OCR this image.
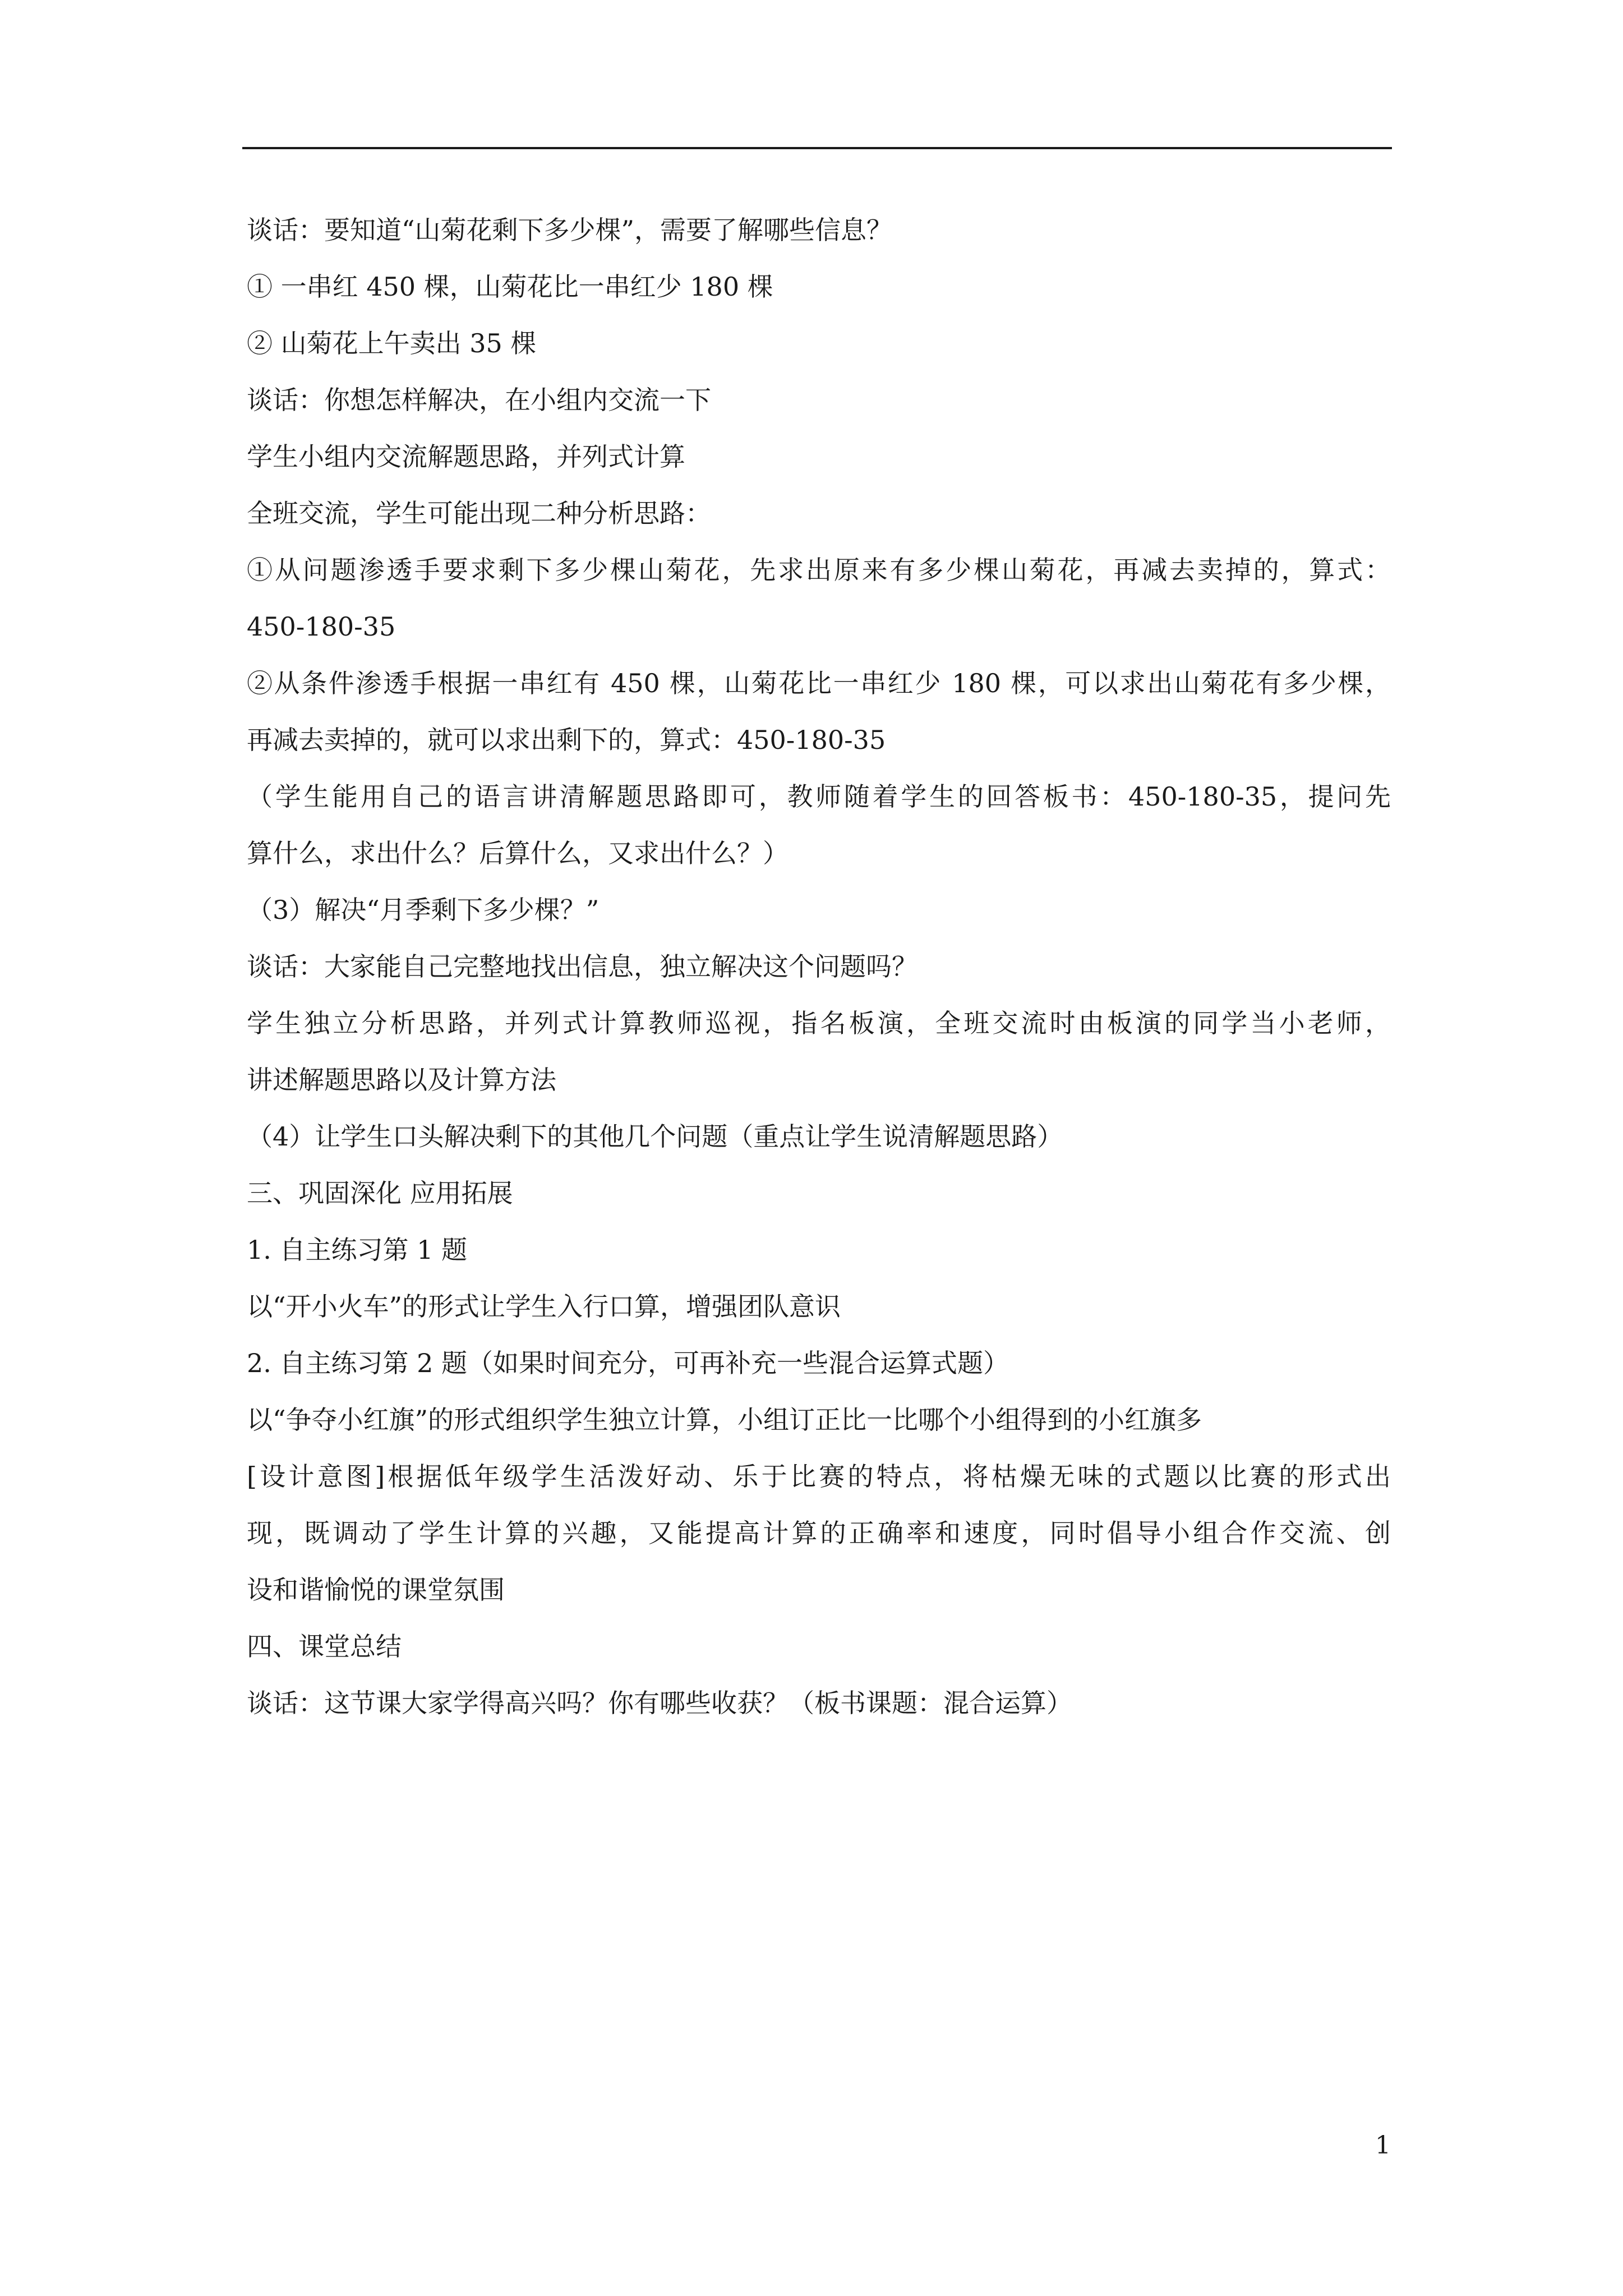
谈话：要知道“山菊花剩下多少棵”，需要了解哪些信息？

① 一串红 450 棵，山菊花比一串红少 180 棵

② 山菊花上午卖出 35 棵

谈话：你想怎样解决，在小组内交流一下

学生小组内交流解题思路，并列式计算

全班交流，学生可能出现二种分析思路：

①从问题渗透手要求剩下多少棵山菊花，先求出原来有多少棵山菊花，再减去卖掉的，算式：

450-180-35

②从条件渗透手根据一串红有 450 棵，山菊花比一串红少 180 棵，可以求出山菊花有多少棵，

再减去卖掉的，就可以求出剩下的，算式：450-180-35

（学生能用自己的语言讲清解题思路即可，教师随着学生的回答板书：450-180-35，提问先

算什么，求出什么？后算什么，又求出什么？）

（3）解决“月季剩下多少棵？”

谈话：大家能自己完整地找出信息，独立解决这个问题吗？

学生独立分析思路，并列式计算教师巡视，指名板演，全班交流时由板演的同学当小老师，

讲述解题思路以及计算方法

（4）让学生口头解决剩下的其他几个问题（重点让学生说清解题思路）

三、巩固深化 应用拓展

1. 自主练习第 1 题

以“开小火车”的形式让学生入行口算，增强团队意识

2. 自主练习第 2 题（如果时间充分，可再补充一些混合运算式题）

以“争夺小红旗”的形式组织学生独立计算，小组订正比一比哪个小组得到的小红旗多

[设计意图]根据低年级学生活泼好动、乐于比赛的特点，将枯燥无味的式题以比赛的形式出

现，既调动了学生计算的兴趣，又能提高计算的正确率和速度，同时倡导小组合作交流、创

设和谐愉悦的课堂氛围

四、课堂总结

谈话：这节课大家学得高兴吗？你有哪些收获？（板书课题：混合运算）

1
